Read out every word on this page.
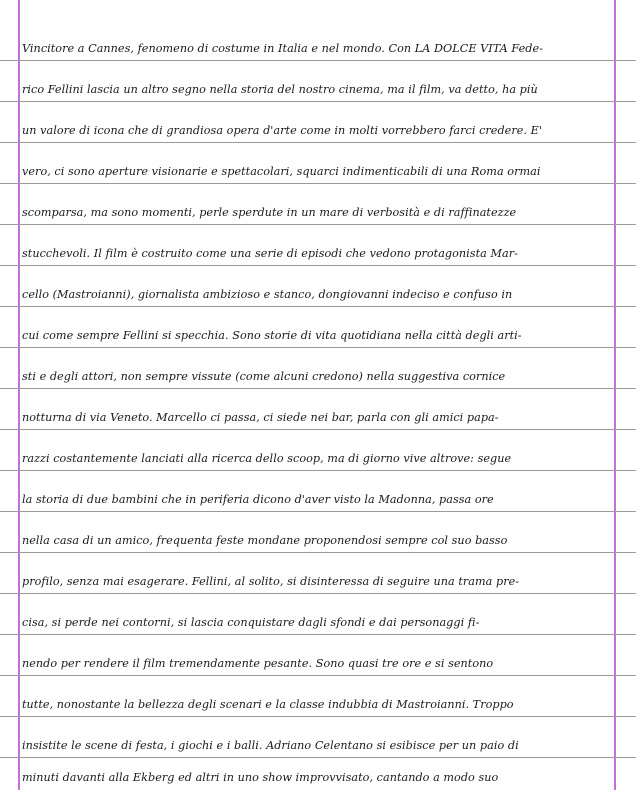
Vincitore a Cannes, fenomeno di costume in Italia e nel mondo. Con LA DOLCE VITA Fede-
rico Fellini lascia un altro segno nella storia del nostro cinema, ma il film, va detto, ha più
un valore di icona che di grandiosa opera d'arte come in molti vorrebbero farci credere. E'
vero, ci sono aperture visionarie e spettacolari, squarci indimenticabili di una Roma ormai
scomparsa, ma sono momenti, perle sperdute in un mare di verbosità e di raffinatezze
stucchevoli. Il film è costruito come una serie di episodi che vedono protagonista Mar-
cello (Mastroianni), giornalista ambizioso e stanco, dongiovanni indeciso e confuso in
cui come sempre Fellini si specchia. Sono storie di vita quotidiana nella città degli arti-
sti e degli attori, non sempre vissute (come alcuni credono) nella suggestiva cornice
notturna di via Veneto. Marcello ci passa, ci siede nei bar, parla con gli amici papa-
razzi costantemente lanciati alla ricerca dello scoop, ma di giorno vive altrove: segue
la storia di due bambini che in periferia dicono d'aver visto la Madonna, passa ore
nella casa di un amico, frequenta feste mondane proponendosi sempre col suo basso
profilo, senza mai esagerare. Fellini, al solito, si disinteressa di seguire una trama pre-
cisa, si perde nei contorni, si lascia conquistare dagli sfondi e dai personaggi fi-
nendo per rendere il film tremendamente pesante. Sono quasi tre ore e si sentono
tutte, nonostante la bellezza degli scenari e la classe indubbia di Mastroianni. Troppo
insistite le scene di festa, i giochi e i balli. Adriano Celentano si esibisce per un paio di
minuti davanti alla Ekberg ed altri in uno show improvvisato, cantando a modo suo
